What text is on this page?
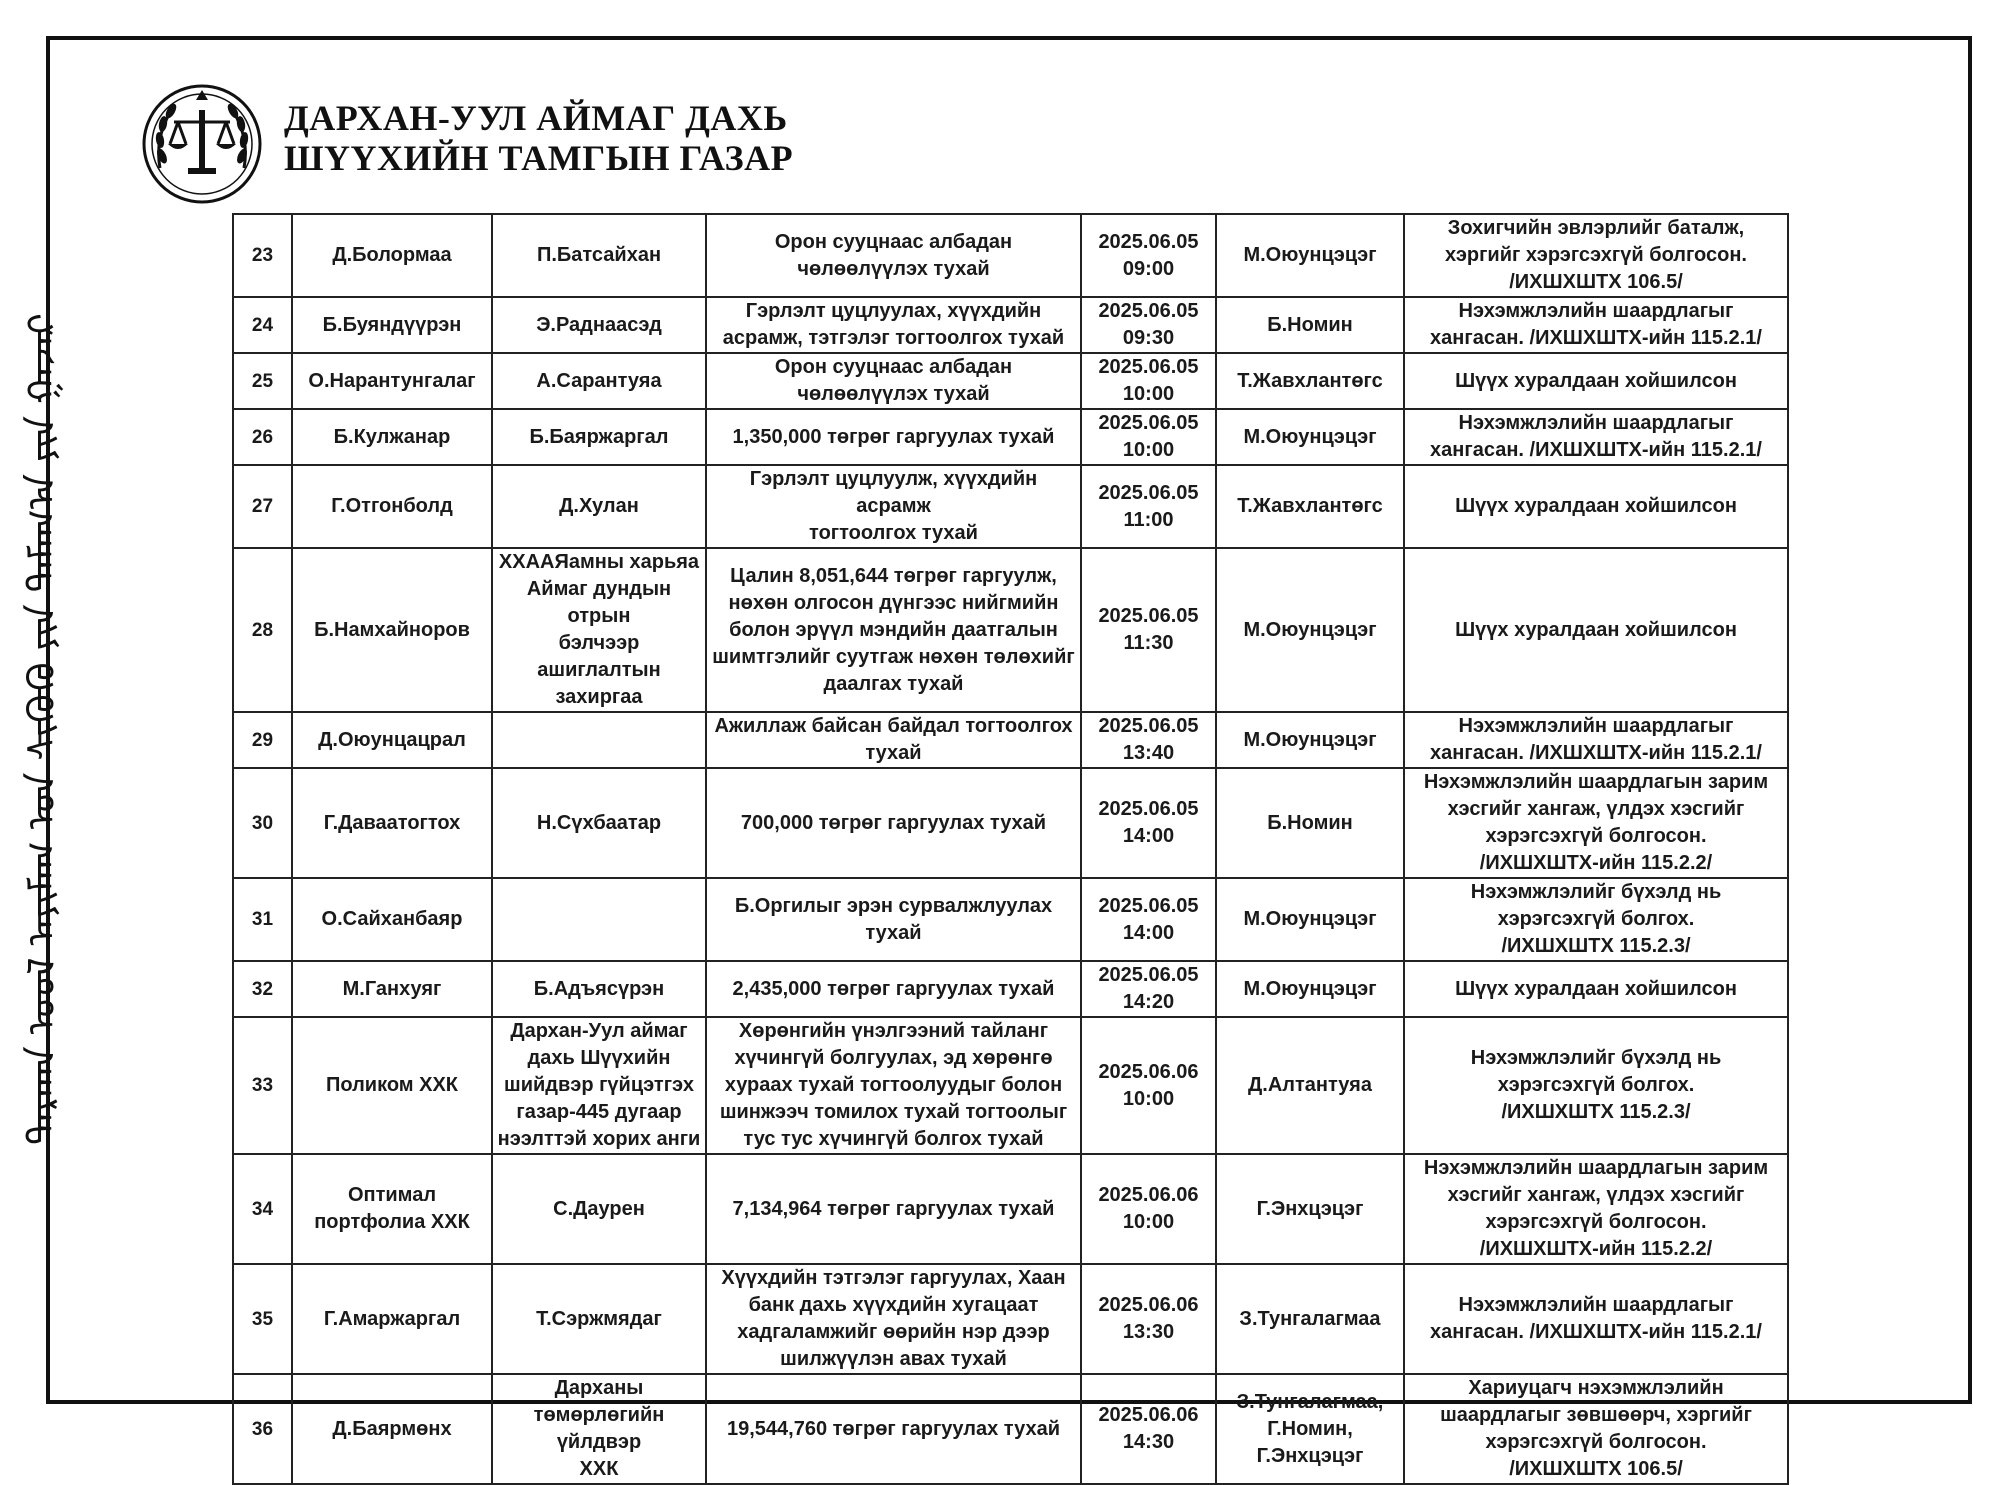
ДАРХАН-УУЛ АЙМАГ ДАХЬ
ШҮҮХИЙН ТАМГЫН ГАЗАР
ᠳᠠᠷᠬᠠᠨ ᠤᠤᠯ ᠠᠶᠢᠮᠠᠭ ᠤᠨ ᠰᠢᠭᠦᠬᠦ ᠶᠢᠨ ᠲᠠᠮᠠᠭ᠎ᠠ ᠶᠢᠨ ᠭᠠᠵᠠᠷ
23	Д.Болормаа	П.Батсайхан	Орон сууцнаас албадан
чөлөөлүүлэх тухай	2025.06.05
09:00	М.Оюунцэцэг	Зохигчийн эвлэрлийг баталж,
хэргийг хэрэгсэхгүй болгосон.
/ИХШХШТХ 106.5/
24	Б.Буяндүүрэн	Э.Раднаасэд	Гэрлэлт цуцлуулах, хүүхдийн
асрамж, тэтгэлэг тогтоолгох тухай	2025.06.05
09:30	Б.Номин	Нэхэмжлэлийн шаардлагыг
хангасан. /ИХШХШТХ-ийн 115.2.1/
25	О.Нарантунгалаг	А.Сарантуяа	Орон сууцнаас албадан
чөлөөлүүлэх тухай	2025.06.05
10:00	Т.Жавхлантөгс	Шүүх хуралдаан хойшилсон
26	Б.Кулжанар	Б.Баяржаргал	1,350,000 төгрөг гаргуулах тухай	2025.06.05
10:00	М.Оюунцэцэг	Нэхэмжлэлийн шаардлагыг
хангасан. /ИХШХШТХ-ийн 115.2.1/
27	Г.Отгонболд	Д.Хулан	Гэрлэлт цуцлуулж, хүүхдийн асрамж
тогтоолгох тухай	2025.06.05
11:00	Т.Жавхлантөгс	Шүүх хуралдаан хойшилсон
28	Б.Намхайноров	ХХААЯамны харьяа
Аймаг дундын отрын
бэлчээр ашиглалтын
захиргаа	Цалин 8,051,644 төгрөг гаргуулж,
нөхөн олгосон дүнгээс нийгмийн
болон эрүүл мэндийн даатгалын
шимтгэлийг суутгаж нөхөн төлөхийг
даалгах тухай	2025.06.05
11:30	М.Оюунцэцэг	Шүүх хуралдаан хойшилсон
29	Д.Оюунцацрал		Ажиллаж байсан байдал тогтоолгох
тухай	2025.06.05
13:40	М.Оюунцэцэг	Нэхэмжлэлийн шаардлагыг
хангасан. /ИХШХШТХ-ийн 115.2.1/
30	Г.Даваатогтох	Н.Сүхбаатар	700,000 төгрөг гаргуулах тухай	2025.06.05
14:00	Б.Номин	Нэхэмжлэлийн шаардлагын зарим
хэсгийг хангаж, үлдэх хэсгийг
хэрэгсэхгүй болгосон.
/ИХШХШТХ-ийн 115.2.2/
31	О.Сайханбаяр		Б.Оргилыг эрэн сурвалжлуулах
тухай	2025.06.05
14:00	М.Оюунцэцэг	Нэхэмжлэлийг бүхэлд нь
хэрэгсэхгүй болгох.
/ИХШХШТХ 115.2.3/
32	М.Ганхуяг	Б.Адъясүрэн	2,435,000 төгрөг гаргуулах тухай	2025.06.05
14:20	М.Оюунцэцэг	Шүүх хуралдаан хойшилсон
33	Поликом ХХК	Дархан-Уул аймаг
дахь Шүүхийн
шийдвэр гүйцэтгэх
газар-445 дугаар
нээлттэй хорих анги	Хөрөнгийн үнэлгээний тайланг
хүчингүй болгуулах, эд хөрөнгө
хураах тухай тогтоолуудыг болон
шинжээч томилох тухай тогтоолыг
тус тус хүчингүй болгох тухай	2025.06.06
10:00	Д.Алтантуяа	Нэхэмжлэлийг бүхэлд нь
хэрэгсэхгүй болгох.
/ИХШХШТХ 115.2.3/
34	Оптимал
портфолиа ХХК	С.Даурен	7,134,964 төгрөг гаргуулах тухай	2025.06.06
10:00	Г.Энхцэцэг	Нэхэмжлэлийн шаардлагын зарим
хэсгийг хангаж, үлдэх хэсгийг
хэрэгсэхгүй болгосон.
/ИХШХШТХ-ийн 115.2.2/
35	Г.Амаржаргал	Т.Сэржмядаг	Хүүхдийн тэтгэлэг гаргуулах, Хаан
банк дахь хүүхдийн хугацаат
хадгаламжийг өөрийн нэр дээр
шилжүүлэн авах тухай	2025.06.06
13:30	З.Тунгалагмаа	Нэхэмжлэлийн шаардлагыг
хангасан. /ИХШХШТХ-ийн 115.2.1/
36	Д.Баярмөнх	Дарханы
төмөрлөгийн үйлдвэр
ХХК	19,544,760 төгрөг гаргуулах тухай	2025.06.06
14:30	З.Тунгалагмаа,
Г.Номин,
Г.Энхцэцэг	Хариуцагч нэхэмжлэлийн
шаардлагыг зөвшөөрч, хэргийг
хэрэгсэхгүй болгосон.
/ИХШХШТХ 106.5/
